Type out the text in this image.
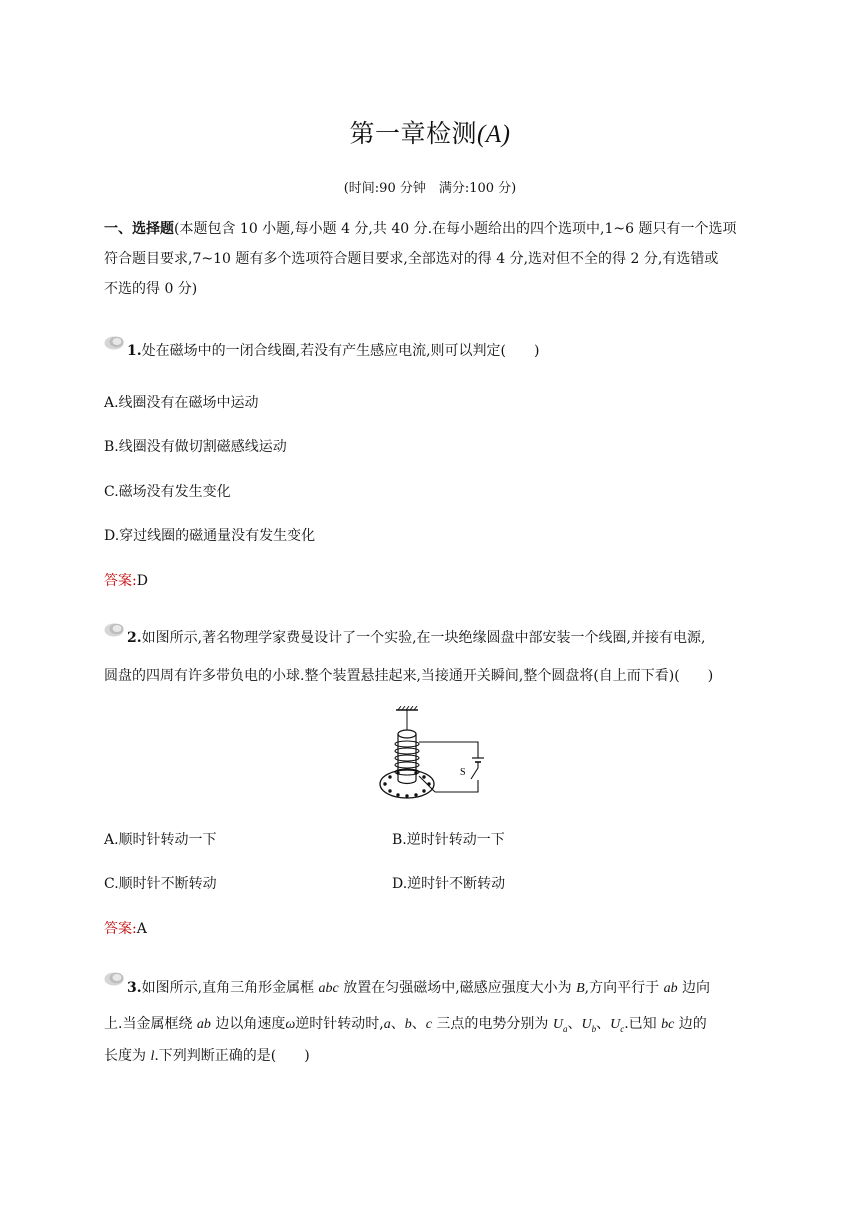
第一章检测(A)
(时间:90 分钟　满分:100 分)
一、选择题(本题包含 10 小题,每小题 4 分,共 40 分.在每小题给出的四个选项中,1~6 题只有一个选项
符合题目要求,7~10 题有多个选项符合题目要求,全部选对的得 4 分,选对但不全的得 2 分,有选错或
不选的得 0 分)
1.处在磁场中的一闭合线圈,若没有产生感应电流,则可以判定(　　)
A.线圈没有在磁场中运动
B.线圈没有做切割磁感线运动
C.磁场没有发生变化
D.穿过线圈的磁通量没有发生变化
答案:D
2.如图所示,著名物理学家费曼设计了一个实验,在一块绝缘圆盘中部安装一个线圈,并接有电源,
圆盘的四周有许多带负电的小球.整个装置悬挂起来,当接通开关瞬间,整个圆盘将(自上而下看)(　　)
S
A.顺时针转动一下	B.逆时针转动一下
C.顺时针不断转动	D.逆时针不断转动
答案:A
3.如图所示,直角三角形金属框 abc 放置在匀强磁场中,磁感应强度大小为 B,方向平行于 ab 边向
上.当金属框绕 ab 边以角速度ω逆时针转动时,a、b、c 三点的电势分别为 $U_a$、$U_b$、$U_c$.已知 bc 边的
长度为 l.下列判断正确的是(　　)
